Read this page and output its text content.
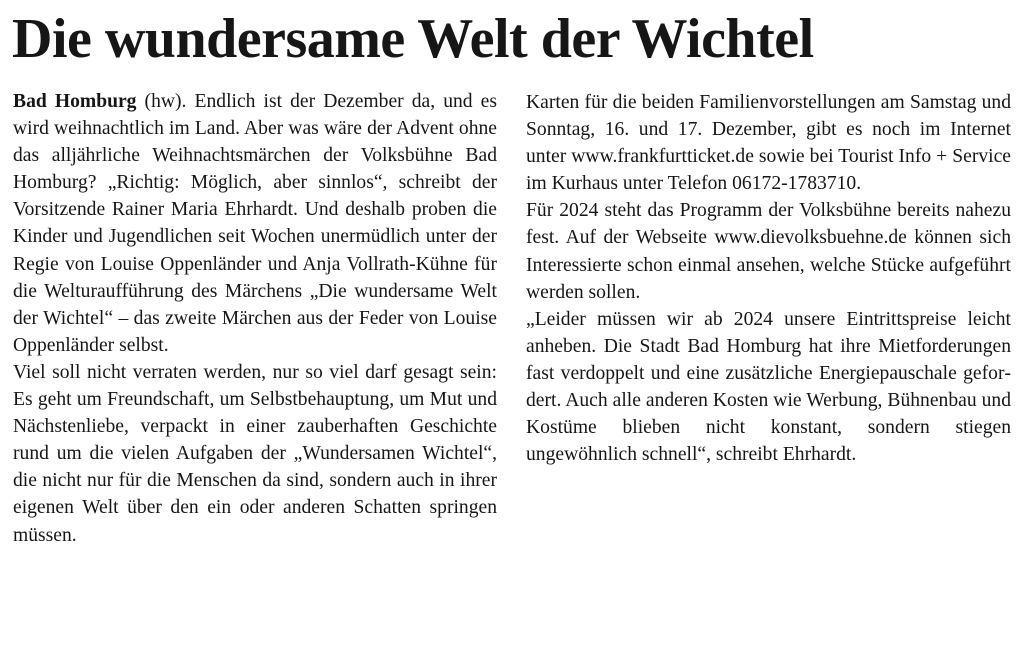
Die wundersame Welt der Wichtel

Bad Homburg (hw). Endlich ist der Dezember da, und es wird weihnachtlich im Land. Aber was wäre der Advent ohne das alljährliche Weihnachtsmärchen der Volksbühne Bad Homburg? „Richtig: Möglich, aber sinnlos“, schreibt der Vorsitzende Rainer Maria Ehrhardt. Und deshalb proben die Kinder und Jugendlichen seit Wochen unermüdlich unter der Regie von Louise Oppenländer und Anja Vollrath-Kühne für die Welturaufführung des Märchens „Die wundersame Welt der Wichtel“ – das zweite Märchen aus der Feder von Louise Oppenländer selbst.

Viel soll nicht verraten werden, nur so viel darf gesagt sein: Es geht um Freundschaft, um Selbstbehauptung, um Mut und Nächstenliebe, verpackt in einer zauberhaften Geschichte rund um die vielen Aufgaben der „Wundersamen Wichtel“, die nicht nur für die Menschen da sind, sondern auch in ihrer eigenen Welt über den ein oder anderen Schatten springen müssen.

Karten für die beiden Familienvorstellungen am Samstag und Sonntag, 16. und 17. Dezember, gibt es noch im Internet unter www.frankfurtticket.de sowie bei Tourist Info + Service im Kurhaus unter Telefon 06172-1783710.

Für 2024 steht das Programm der Volksbühne bereits nahezu fest. Auf der Webseite www.dievolksbuehne.de können sich Interessierte schon einmal ansehen, welche Stücke aufgeführt werden sollen.

„Leider müssen wir ab 2024 unsere Eintrittspreise leicht anheben. Die Stadt Bad Homburg hat ihre Mietforderungen fast verdoppelt und eine zusätzliche Energiepauschale gefordert. Auch alle anderen Kosten wie Werbung, Bühnenbau und Kostüme blieben nicht konstant, sondern stiegen ungewöhnlich schnell“, schreibt Ehrhardt.
